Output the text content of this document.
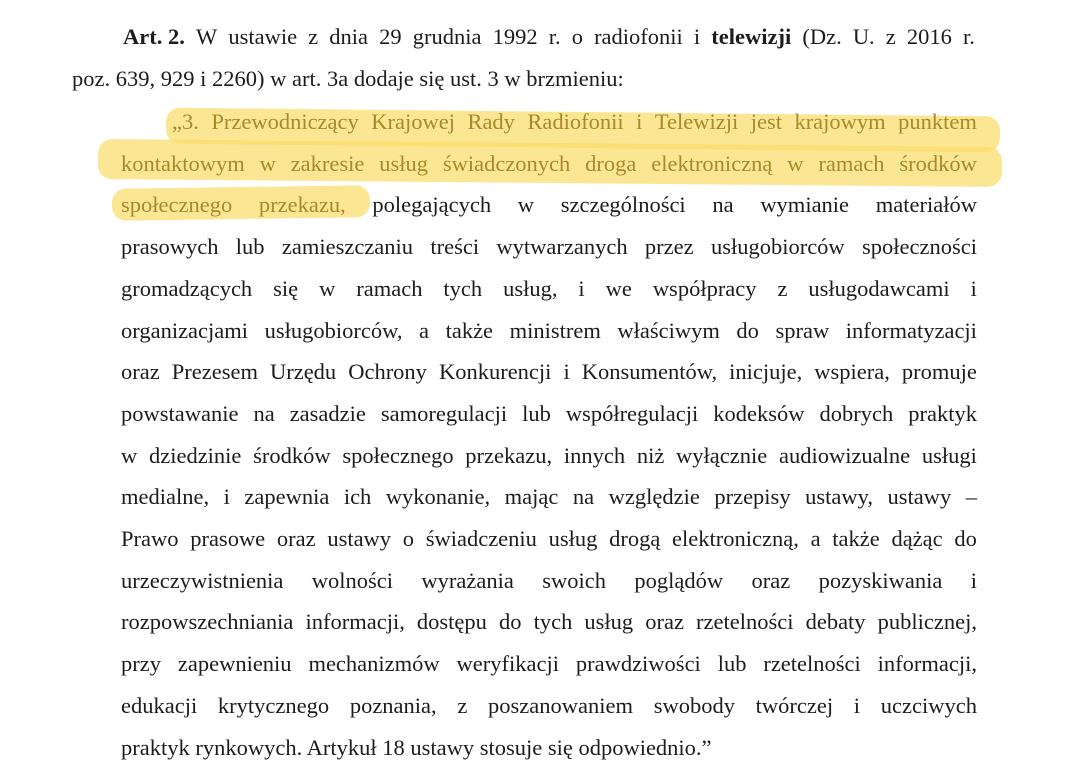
Art. 2. W ustawie z dnia 29 grudnia 1992 r. o radiofonii i telewizji (Dz. U. z 2016 r.
poz. 639, 929 i 2260) w art. 3a dodaje się ust. 3 w brzmieniu:
„3. Przewodniczący Krajowej Rady Radiofonii i Telewizji jest krajowym punktem
kontaktowym w zakresie usług świadczonych droga elektroniczną w ramach środków
społecznego przekazu, polegających w szczególności na wymianie materiałów
prasowych lub zamieszczaniu treści wytwarzanych przez usługobiorców społeczności
gromadzących się w ramach tych usług, i we współpracy z usługodawcami i
organizacjami usługobiorców, a także ministrem właściwym do spraw informatyzacji
oraz Prezesem Urzędu Ochrony Konkurencji i Konsumentów, inicjuje, wspiera, promuje
powstawanie na zasadzie samoregulacji lub współregulacji kodeksów dobrych praktyk
w dziedzinie środków społecznego przekazu, innych niż wyłącznie audiowizualne usługi
medialne, i zapewnia ich wykonanie, mając na względzie przepisy ustawy, ustawy –
Prawo prasowe oraz ustawy o świadczeniu usług drogą elektroniczną, a także dążąc do
urzeczywistnienia wolności wyrażania swoich poglądów oraz pozyskiwania i
rozpowszechniania informacji, dostępu do tych usług oraz rzetelności debaty publicznej,
przy zapewnieniu mechanizmów weryfikacji prawdziwości lub rzetelności informacji,
edukacji krytycznego poznania, z poszanowaniem swobody twórczej i uczciwych
praktyk rynkowych. Artykuł 18 ustawy stosuje się odpowiednio.”
